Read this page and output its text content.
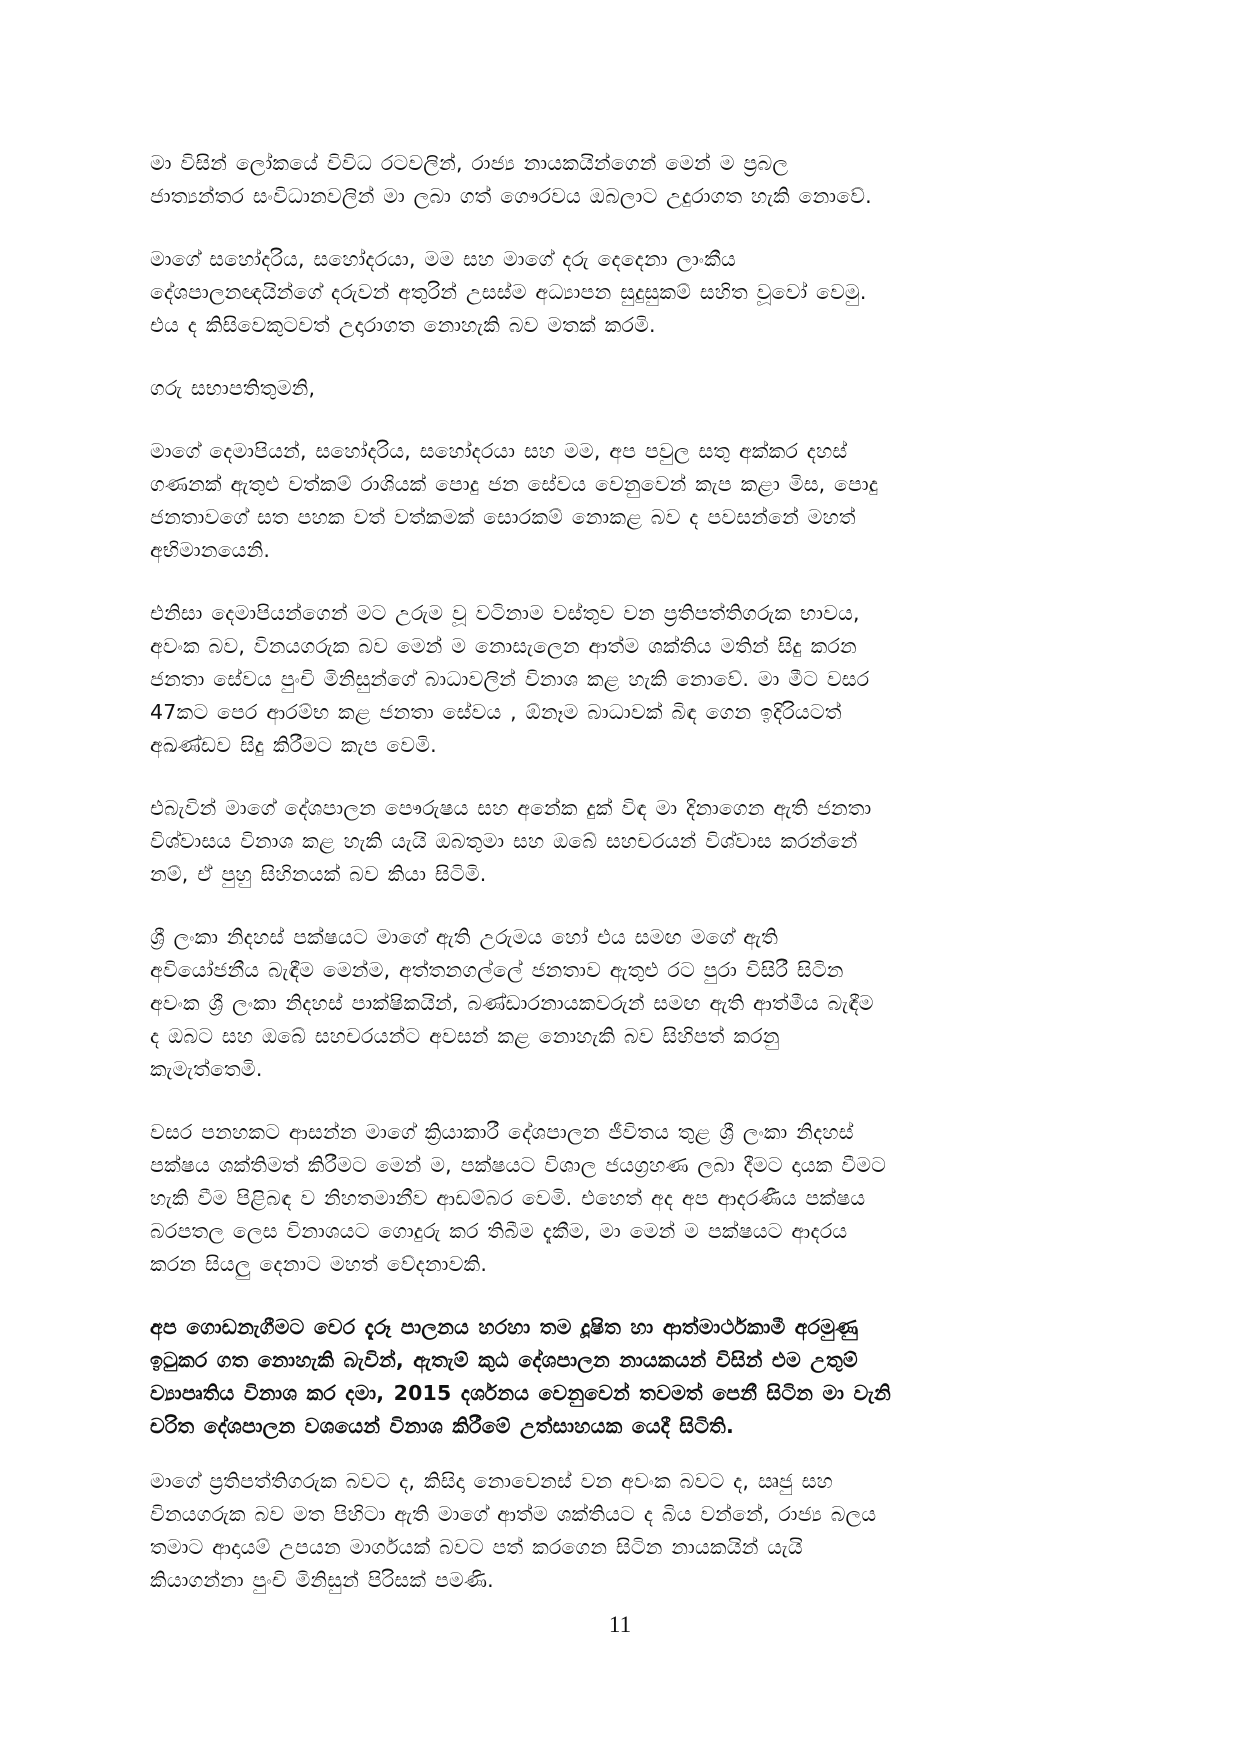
මා විසින් ලෝකයේ විවිධ රටවලින්, රාජ්‍ය නායකයින්ගෙන් මෙන් ම ප්‍රබල
ජාත්‍යන්තර සංවිධානවලින් මා ලබා ගත් ගෞරවය ඔබලාට උදුරාගත හැකි නොවේ.
මාගේ සහෝදරිය, සහෝදරයා, මම සහ මාගේ දරු දෙදෙනා ලාංකීය
දේශපාලනඥයින්ගේ දරුවන් අතුරින් උසස්ම අධ්‍යාපන සුදුසුකම් සහිත වූවෝ වෙමු.
එය ද කිසිවෙකුටවත් උදාරාගත නොහැකි බව මතක් කරමි.
ගරු සභාපතිතුමනි,
මාගේ දෙමාපියන්, සහෝදරිය, සහෝදරයා සහ මම, අප පවුල සතු අක්කර දහස්
ගණනක් ඇතුළු වත්කම් රාශියක් පොදු ජන සේවය වෙනුවෙන් කැප කළා මිස, පොදු
ජනතාවගේ සත පහක වත් වත්කමක් සොරකම් නොකළ බව ද පවසන්නේ මහත්
අභිමානයෙනි.
එනිසා දෙමාපියන්ගෙන් මට උරුම වූ වටිනාම වස්තුව වන ප්‍රතිපත්තිගරුක භාවය,
අවංක බව, විනයගරුක බව මෙන් ම නොසැලෙන ආත්ම ශක්තිය මතින් සිදු කරන
ජනතා සේවය පුංචි මිනිසුන්ගේ බාධාවලින් විනාශ කළ හැකි නොවේ. මා මීට වසර
47කට පෙර ආරම්භ කළ ජනතා සේවය , ඕනෑම බාධාවක් බිඳ ගෙන ඉදිරියටත්
අඛණ්ඩව සිදු කිරීමට කැප වෙමි.
එබැවින් මාගේ දේශපාලන පෞරුෂය සහ අනේක දුක් විඳ මා දිනාගෙන ඇති ජනතා
විශ්වාසය විනාශ කළ හැකි යැයි ඔබතුමා සහ ඔබේ සහචරයන් විශ්වාස කරන්නේ
නම්, ඒ පුහු සිහිනයක් බව කියා සිටිමි.
ශ්‍රී ලංකා නිදහස් පක්ෂයට මාගේ ඇති උරුමය හෝ එය සමඟ මගේ ඇති
අවියෝජනීය බැඳීම මෙන්ම, අත්තනගල්ලේ ජනතාව ඇතුළු රට පුරා විසිරී සිටින
අවංක ශ්‍රී ලංකා නිදහස් පාක්ෂිකයින්, බණ්ඩාරනායකවරුන් සමඟ ඇති ආත්මීය බැඳීම
ද ඔබට සහ ඔබේ සහචරයන්ට අවසන් කළ නොහැකි බව සිහිපත් කරනු
කැමැත්තෙමි.
වසර පනහකට ආසන්න මාගේ ක්‍රියාකාරී දේශපාලන ජීවිතය තුළ ශ්‍රී ලංකා නිදහස්
පක්ෂය ශක්තිමත් කිරීමට මෙන් ම, පක්ෂයට විශාල ජයග්‍රහණ ලබා දීමට දායක වීමට
හැකි වීම පිළිබඳ ව නිහතමානීව ආඩම්බර වෙමි. එහෙත් අද අප ආදරණීය පක්ෂය
බරපතල ලෙස විනාශයට ගොදුරු කර තිබීම දැකීම, මා මෙන් ම පක්ෂයට ආදරය
කරන සියලු දෙනාට මහත් වේදනාවකි.
අප ගොඩනැගීමට වෙර දැරූ පාලනය හරහා තම දූෂිත හා ආත්මාර්ථකාමී අරමුණු
ඉටුකර ගත නොහැකි බැවින්, ඇතැම් කුඨ දේශපාලන නායකයන් විසින් එම උතුම්
ව්‍යාපෘතිය විනාශ කර දමා, 2015 දර්ශනය වෙනුවෙන් තවමත් පෙනී සිටින මා වැනි
චරිත දේශපාලන වශයෙන් විනාශ කිරීමේ උත්සාහයක යෙදී සිටිති.
මාගේ ප්‍රතිපත්තිගරුක බවට ද, කිසිදා නොවෙනස් වන අවංක බවට ද, ඍජු සහ
විනයගරුක බව මත පිහිටා ඇති මාගේ ආත්ම ශක්තියට ද බිය වන්නේ, රාජ්‍ය බලය
තමාට ආදායම් උපයන මාර්ගයක් බවට පත් කරගෙන සිටින නායකයින් යැයි
කියාගන්නා පුංචි මිනිසුන් පිරිසක් පමණි.
11
